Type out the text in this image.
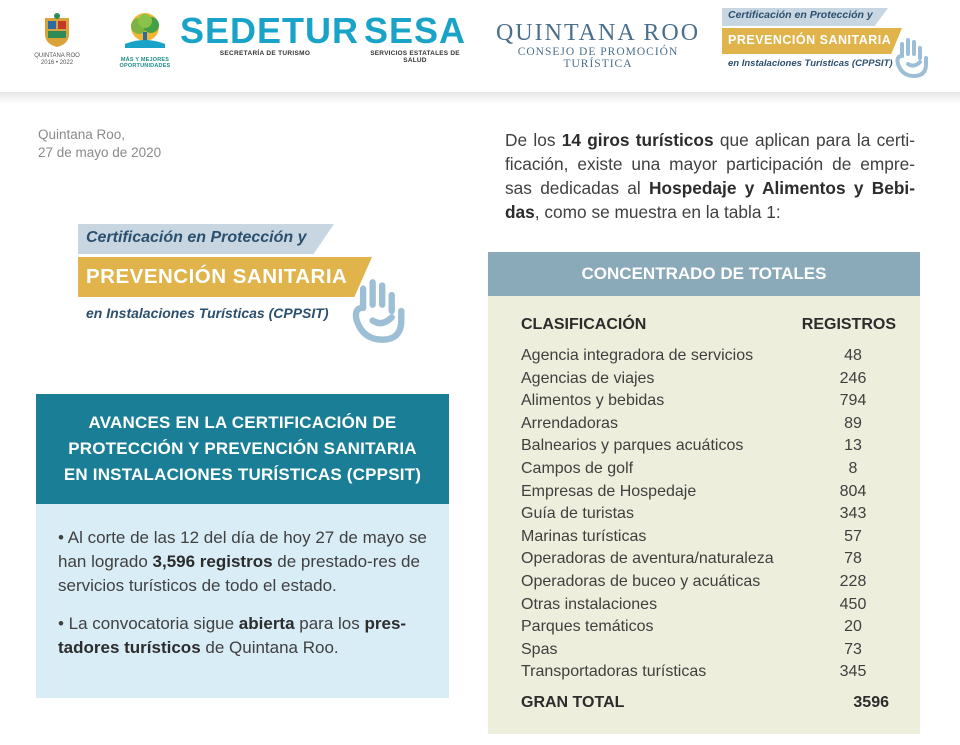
QUINTANA ROO
2016 • 2022	MÁS Y MEJORES
OPORTUNIDADES
SEDETUR
SECRETARÍA DE TURISMO
SESA
SERVICIOS ESTATALES DE SALUD
QUINTANA ROO
CONSEJO DE PROMOCIÓN TURÍSTICA
Certificación en Protección y
PREVENCIÓN SANITARIA
en Instalaciones Turísticas (CPPSIT)
Quintana Roo,
27 de mayo de 2020
Certificación en Protección y
PREVENCIÓN SANITARIA
en Instalaciones Turísticas (CPPSIT)
AVANCES EN LA CERTIFICACIÓN DE
PROTECCIÓN Y PREVENCIÓN SANITARIA
EN INSTALACIONES TURÍSTICAS (CPPSIT)

• Al corte de las 12 del día de hoy 27 de mayo se han logrado 3,596 registros de prestado-res de servicios turísticos de todo el estado.

• La convocatoria sigue abierta para los pres-tadores turísticos de Quintana Roo.

De los 14 giros turísticos que aplican para la certi-ficación, existe una mayor participación de empre-sas dedicadas al Hospedaje y Alimentos y Bebi-das, como se muestra en la tabla 1:
CONCENTRADO DE TOTALES
CLASIFICACIÓN	REGISTROS
Agencia integradora de servicios	48
Agencias de viajes	246
Alimentos y bebidas	794
Arrendadoras	89
Balnearios y parques acuáticos	13
Campos de golf	8
Empresas de Hospedaje	804
Guía de turistas	343
Marinas turísticas	57
Operadoras de aventura/naturaleza	78
Operadoras de buceo y acuáticas	228
Otras instalaciones	450
Parques temáticos	20
Spas	73
Transportadoras turísticas	345
GRAN TOTAL	3596
